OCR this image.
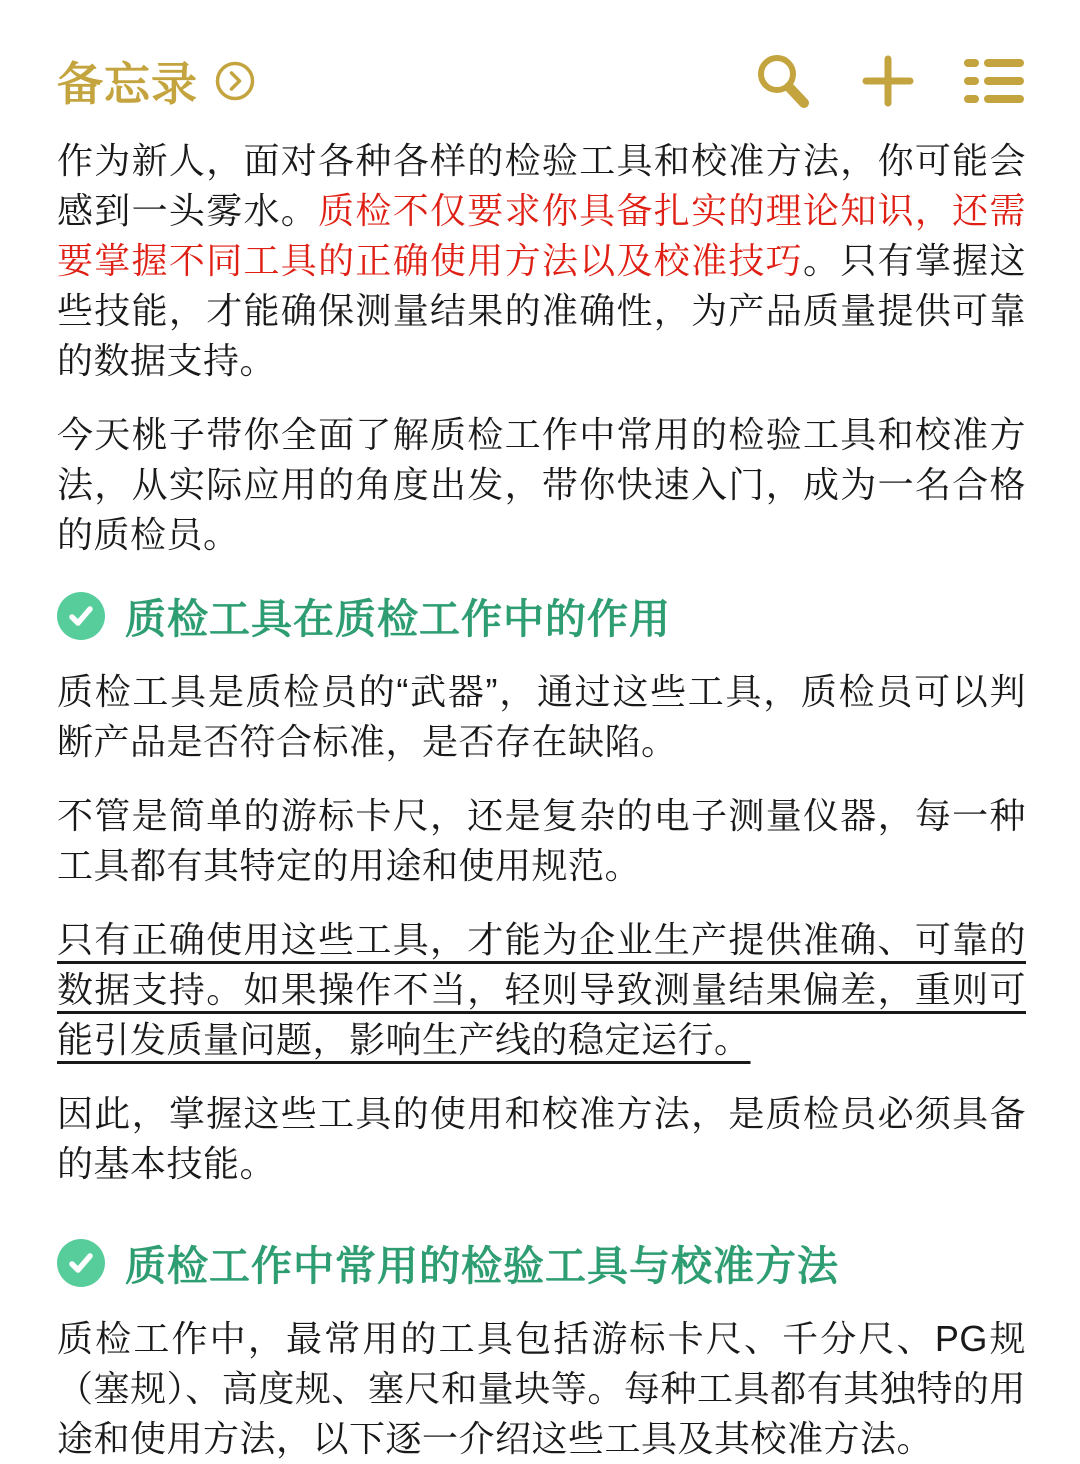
备忘录

作为新人，面对各种各样的检验工具和校准方法，你可能会感到一头雾水。质检不仅要求你具备扎实的理论知识，还需要掌握不同工具的正确使用方法以及校准技巧。只有掌握这些技能，才能确保测量结果的准确性，为产品质量提供可靠的数据支持。

今天桃子带你全面了解质检工作中常用的检验工具和校准方法，从实际应用的角度出发，带你快速入门，成为一名合格的质检员。

质检工具在质检工作中的作用

质检工具是质检员的“武器”，通过这些工具，质检员可以判断产品是否符合标准，是否存在缺陷。

不管是简单的游标卡尺，还是复杂的电子测量仪器，每一种工具都有其特定的用途和使用规范。

只有正确使用这些工具，才能为企业生产提供准确、可靠的数据支持。如果操作不当，轻则导致测量结果偏差，重则可能引发质量问题，影响生产线的稳定运行。

因此，掌握这些工具的使用和校准方法，是质检员必须具备的基本技能。

质检工作中常用的检验工具与校准方法

质检工作中，最常用的工具包括游标卡尺、千分尺、PG规（塞规）、高度规、塞尺和量块等。每种工具都有其独特的用途和使用方法，以下逐一介绍这些工具及其校准方法。
